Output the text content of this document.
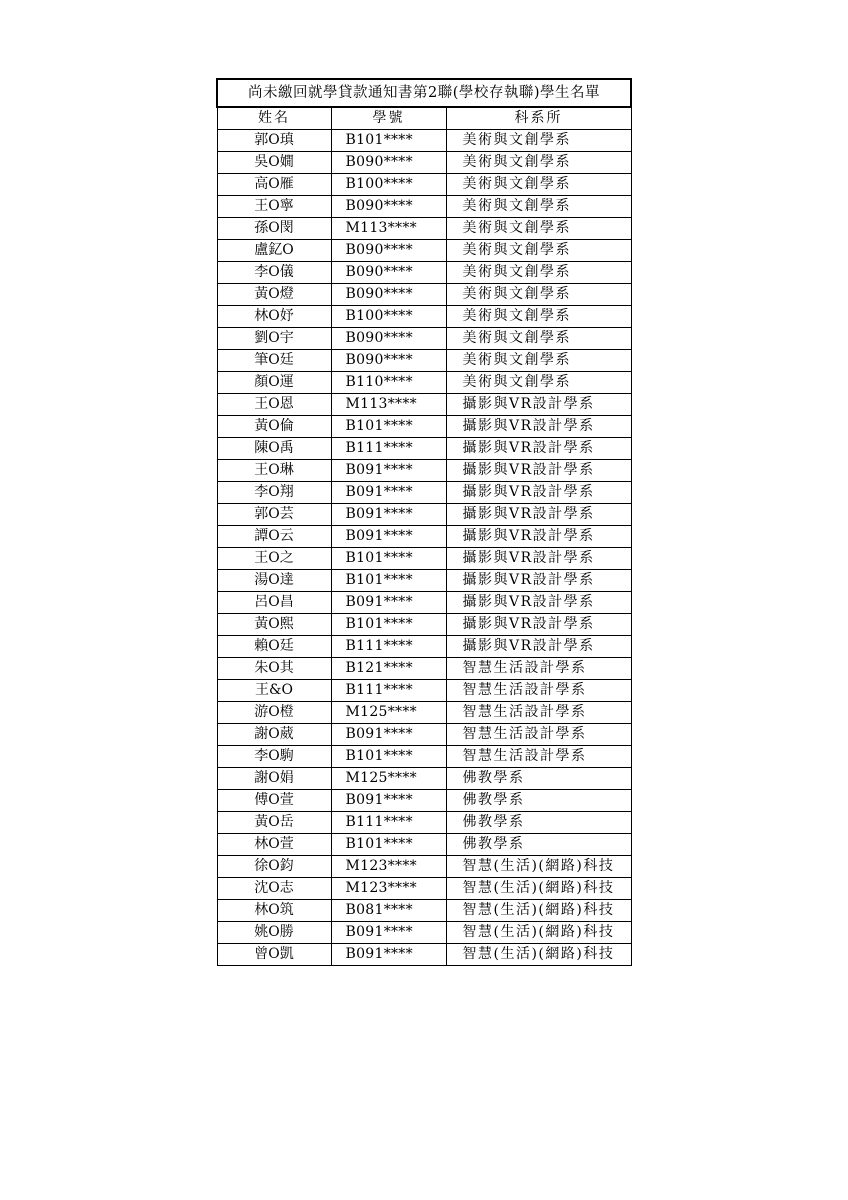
尚未繳回就學貸款通知書第2聯(學校存執聯)學生名單		
姓名	學號	科系所
郭O瑱	B101****	美術與文創學系
吳O嫺	B090****	美術與文創學系
高O雁	B100****	美術與文創學系
王O寧	B090****	美術與文創學系
孫O閔	M113****	美術與文創學系
盧釔O	B090****	美術與文創學系
李O儀	B090****	美術與文創學系
黃O燈	B090****	美術與文創學系
林O妤	B100****	美術與文創學系
劉O宇	B090****	美術與文創學系
筆O廷	B090****	美術與文創學系
顏O運	B110****	美術與文創學系
王O恩	M113****	攝影與VR設計學系
黃O倫	B101****	攝影與VR設計學系
陳O禹	B111****	攝影與VR設計學系
王O琳	B091****	攝影與VR設計學系
李O翔	B091****	攝影與VR設計學系
郭O芸	B091****	攝影與VR設計學系
譚O云	B091****	攝影與VR設計學系
王O之	B101****	攝影與VR設計學系
湯O達	B101****	攝影與VR設計學系
呂O昌	B091****	攝影與VR設計學系
黃O熙	B101****	攝影與VR設計學系
賴O廷	B111****	攝影與VR設計學系
朱O其	B121****	智慧生活設計學系
王&O	B111****	智慧生活設計學系
游O橙	M125****	智慧生活設計學系
謝O葳	B091****	智慧生活設計學系
李O駒	B101****	智慧生活設計學系
謝O娟	M125****	佛教學系
傅O萱	B091****	佛教學系
黃O岳	B111****	佛教學系
林O萱	B101****	佛教學系
徐O鈞	M123****	智慧(生活)(網路)科技
沈O志	M123****	智慧(生活)(網路)科技
林O筑	B081****	智慧(生活)(網路)科技
姚O勝	B091****	智慧(生活)(網路)科技
曾O凱	B091****	智慧(生活)(網路)科技
